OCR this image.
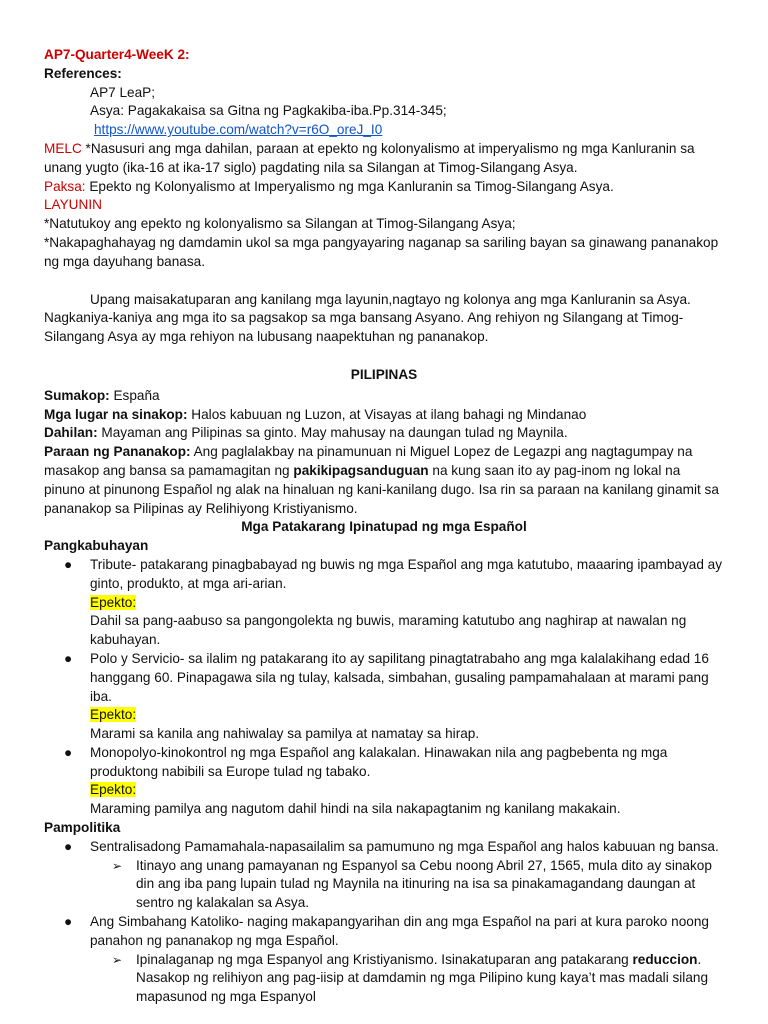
AP7-Quarter4-WeeK 2:

References:

AP7 LeaP;

Asya: Pagakakaisa sa Gitna ng Pagkakiba-iba.Pp.314-345;

https://www.youtube.com/watch?v=r6O_oreJ_I0

MELC *Nasusuri ang mga dahilan, paraan at epekto ng kolonyalismo at imperyalismo ng mga Kanluranin sa unang yugto (ika-16 at ika-17 siglo) pagdating nila sa Silangan at Timog-Silangang Asya.

Paksa: Epekto ng Kolonyalismo at Imperyalismo ng mga Kanluranin sa Timog-Silangang Asya.

LAYUNIN

*Natutukoy ang epekto ng kolonyalismo sa Silangan at Timog-Silangang Asya;

*Nakapaghahayag ng damdamin ukol sa mga pangyayaring naganap sa sariling bayan sa ginawang pananakop ng mga dayuhang banasa.

Upang maisakatuparan ang kanilang mga layunin,nagtayo ng kolonya ang mga Kanluranin sa Asya. Nagkaniya-kaniya ang mga ito sa pagsakop sa mga bansang Asyano. Ang rehiyon ng Silangang at Timog-Silangang Asya ay mga rehiyon na lubusang naapektuhan ng pananakop.

PILIPINAS

Sumakop: España

Mga lugar na sinakop: Halos kabuuan ng Luzon, at Visayas at ilang bahagi ng Mindanao

Dahilan: Mayaman ang Pilipinas sa ginto. May mahusay na daungan tulad ng Maynila.

Paraan ng Pananakop: Ang paglalakbay na pinamunuan ni Miguel Lopez de Legazpi ang nagtagumpay na masakop ang bansa sa pamamagitan ng pakikipagsanduguan na kung saan ito ay pag-inom ng lokal na pinuno at pinunong Español ng alak na hinaluan ng kani-kanilang dugo. Isa rin sa paraan na kanilang ginamit sa pananakop sa Pilipinas ay Relihiyong Kristiyanismo.

Mga Patakarang Ipinatupad ng mga Español

Pangkabuhayan

● Tribute- patakarang pinagbabayad ng buwis ng mga Español ang mga katutubo, maaaring ipambayad ay ginto, produkto, at mga ari-arian.

Epekto:

Dahil sa pang-aabuso sa pangongolekta ng buwis, maraming katutubo ang naghirap at nawalan ng kabuhayan.

● Polo y Servicio- sa ilalim ng patakarang ito ay sapilitang pinagtatrabaho ang mga kalalakihang edad 16 hanggang 60. Pinapagawa sila ng tulay, kalsada, simbahan, gusaling pampamahalaan at marami pang iba.

Epekto:

Marami sa kanila ang nahiwalay sa pamilya at namatay sa hirap.

● Monopolyo-kinokontrol ng mga Español ang kalakalan. Hinawakan nila ang pagbebenta ng mga produktong nabibili sa Europe tulad ng tabako.

Epekto:

Maraming pamilya ang nagutom dahil hindi na sila nakapagtanim ng kanilang makakain.

Pampolitika

● Sentralisadong Pamamahala-napasailalim sa pamumuno ng mga Español ang halos kabuuan ng bansa.

➢ Itinayo ang unang pamayanan ng Espanyol sa Cebu noong Abril 27, 1565, mula dito ay sinakop din ang iba pang lupain tulad ng Maynila na itinuring na isa sa pinakamagandang daungan at sentro ng kalakalan sa Asya.

● Ang Simbahang Katoliko- naging makapangyarihan din ang mga Español na pari at kura paroko noong panahon ng pananakop ng mga Español.

➢ Ipinalaganap ng mga Espanyol ang Kristiyanismo. Isinakatuparan ang patakarang reduccion. Nasakop ng relihiyon ang pag-iisip at damdamin ng mga Pilipino kung kaya’t mas madali silang mapasunod ng mga Espanyol
